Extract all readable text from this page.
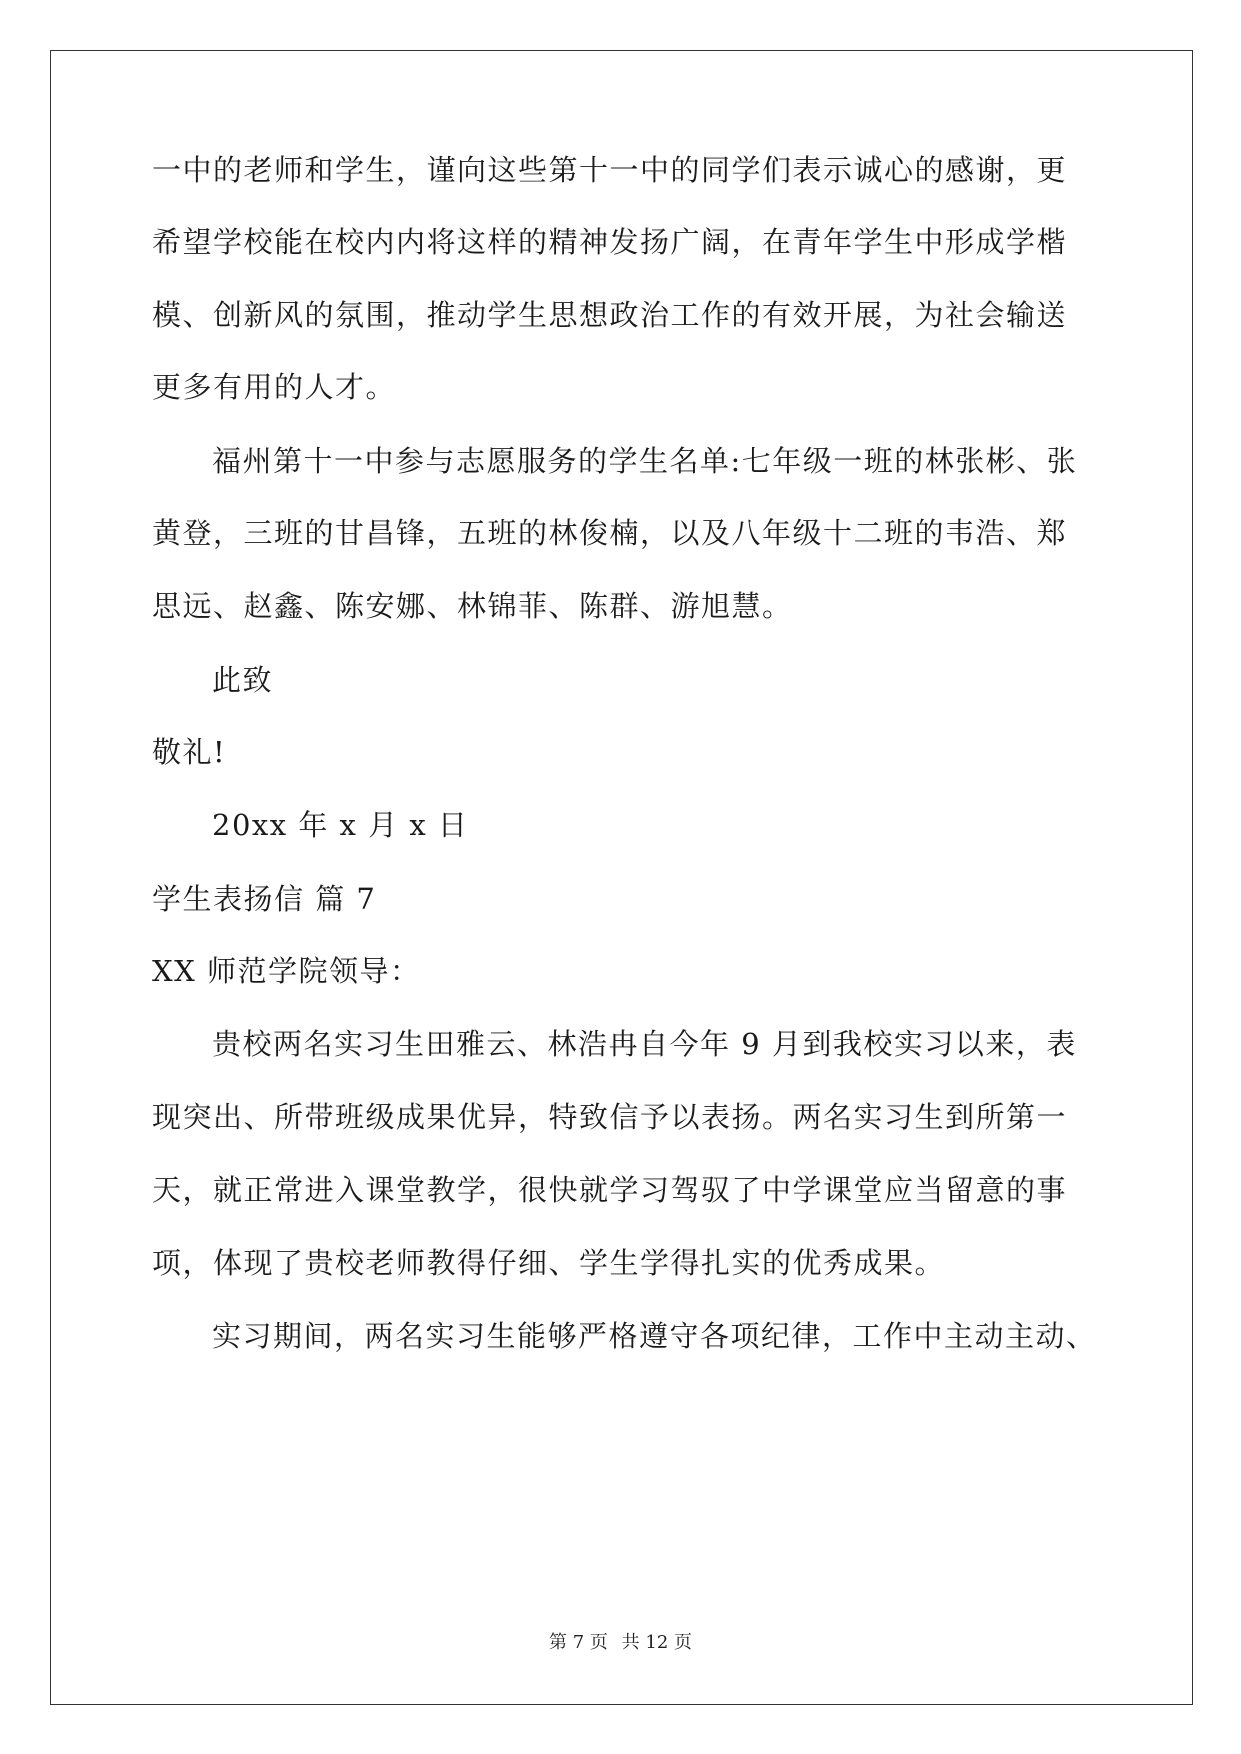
一中的老师和学生，谨向这些第十一中的同学们表示诚心的感谢，更
希望学校能在校内内将这样的精神发扬广阔，在青年学生中形成学楷
模、创新风的氛围，推动学生思想政治工作的有效开展，为社会输送
更多有用的人才。
福州第十一中参与志愿服务的学生名单:七年级一班的林张彬、张
黄登，三班的甘昌锋，五班的林俊楠，以及八年级十二班的韦浩、郑
思远、赵鑫、陈安娜、林锦菲、陈群、游旭慧。
此致
敬礼!
20xx 年 x 月 x 日
学生表扬信 篇 7
XX 师范学院领导：
贵校两名实习生田雅云、林浩冉自今年 9 月到我校实习以来，表
现突出、所带班级成果优异，特致信予以表扬。两名实习生到所第一
天，就正常进入课堂教学，很快就学习驾驭了中学课堂应当留意的事
项，体现了贵校老师教得仔细、学生学得扎实的优秀成果。
实习期间，两名实习生能够严格遵守各项纪律，工作中主动主动、
第 7 页 共 12 页
